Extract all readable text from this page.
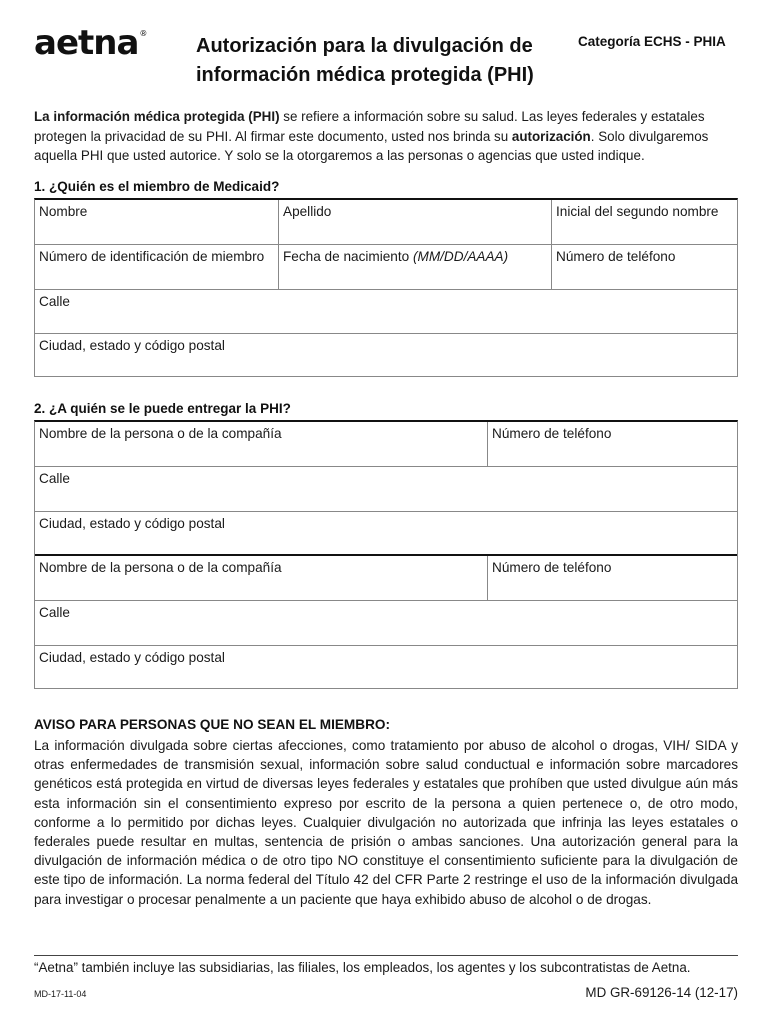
aetna®
Autorización para la divulgación de
información médica protegida (PHI)
Categoría ECHS - PHIA
La información médica protegida (PHI) se refiere a información sobre su salud. Las leyes federales y estatales protegen la privacidad de su PHI. Al firmar este documento, usted nos brinda su autorización. Solo divulgaremos aquella PHI que usted autorice. Y solo se la otorgaremos a las personas o agencias que usted indique.
1. ¿Quién es el miembro de Medicaid?
Nombre	Apellido	Inicial del segundo nombre
Número de identificación de miembro	Fecha de nacimiento (MM/DD/AAAA)	Número de teléfono
Calle
Ciudad, estado y código postal
2. ¿A quién se le puede entregar la PHI?
Nombre de la persona o de la compañía	Número de teléfono
Calle
Ciudad, estado y código postal
Nombre de la persona o de la compañía	Número de teléfono
Calle
Ciudad, estado y código postal
AVISO PARA PERSONAS QUE NO SEAN EL MIEMBRO:
La información divulgada sobre ciertas afecciones, como tratamiento por abuso de alcohol o drogas, VIH/ SIDA y otras enfermedades de transmisión sexual, información sobre salud conductual e información sobre marcadores genéticos está protegida en virtud de diversas leyes federales y estatales que prohíben que usted divulgue aún más esta información sin el consentimiento expreso por escrito de la persona a quien pertenece o, de otro modo, conforme a lo permitido por dichas leyes. Cualquier divulgación no autorizada que infrinja las leyes estatales o federales puede resultar en multas, sentencia de prisión o ambas sanciones. Una autorización general para la divulgación de información médica o de otro tipo NO constituye el consentimiento suficiente para la divulgación de este tipo de información. La norma federal del Título 42 del CFR Parte 2 restringe el uso de la información divulgada para investigar o procesar penalmente a un paciente que haya exhibido abuso de alcohol o de drogas.
“Aetna” también incluye las subsidiarias, las filiales, los empleados, los agentes y los subcontratistas de Aetna.
MD-17-11-04	MD GR-69126-14 (12-17)
